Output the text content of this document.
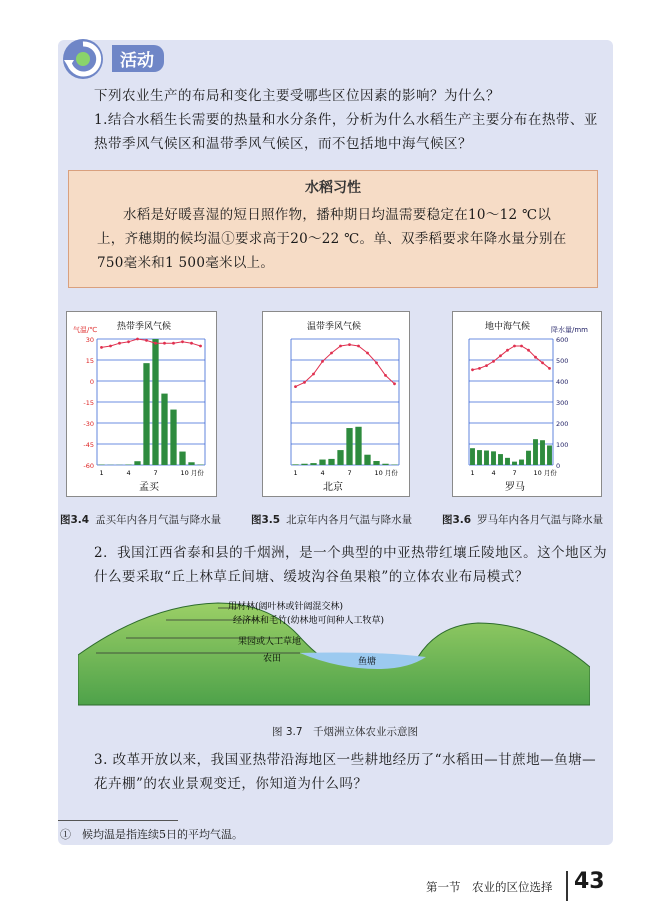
活动
下列农业生产的布局和变化主要受哪些区位因素的影响？为什么？
1.结合水稻生长需要的热量和水分条件，分析为什么水稻生产主要分布在热带、亚热带季风气候区和温带季风气候区，而不包括地中海气候区？
水稻习性
水稻是好暖喜湿的短日照作物，播种期日均温需要稳定在10～12 ℃以上，齐穗期的候均温①要求高于20～22 ℃。单、双季稻要求年降水量分别在750毫米和1 500毫米以上。
热带季风气候
气温/℃
30
15
0
-15
-30
-45
-60
1	4	7	10 月份
孟买
温带季风气候
1	4	7	10 月份
北京
地中海气候	降水量/mm
600
500
400
300
200
100
0
1	4	7	10 月份
罗马
图3.4 孟买年内各月气温与降水量	图3.5 北京年内各月气温与降水量	图3.6 罗马年内各月气温与降水量
2．我国江西省泰和县的千烟洲，是一个典型的中亚热带红壤丘陵地区。这个地区为什么要采取“丘上林草丘间塘、缓坡沟谷鱼果粮”的立体农业布局模式？
用材林(阔叶林或针阔混交林)
经济林和毛竹(幼林地可间种人工牧草)
果园或人工草地
农田	鱼塘
图 3.7　千烟洲立体农业示意图
3. 改革开放以来，我国亚热带沿海地区一些耕地经历了“水稻田—甘蔗地—鱼塘—花卉棚”的农业景观变迁，你知道为什么吗？
①　候均温是指连续5日的平均气温。
第一节　农业的区位选择 43
